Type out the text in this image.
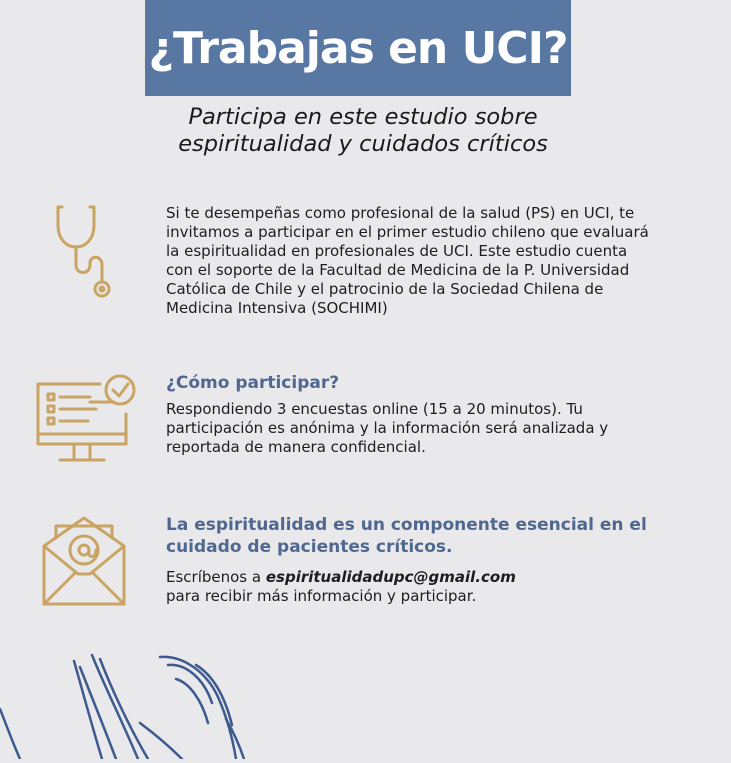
¿Trabajas en UCI?
Participa en este estudio sobre
espiritualidad y cuidados críticos
Si te desempeñas como profesional de la salud (PS) en UCI, te
invitamos a participar en el primer estudio chileno que evaluará
la espiritualidad en profesionales de UCI. Este estudio cuenta
con el soporte de la Facultad de Medicina de la P. Universidad
Católica de Chile y el patrocinio de la Sociedad Chilena de
Medicina Intensiva (SOCHIMI)
¿Cómo participar?
Respondiendo 3 encuestas online (15 a 20 minutos). Tu
participación es anónima y la información será analizada y
reportada de manera confidencial.
La espiritualidad es un componente esencial en el
cuidado de pacientes críticos.
Escríbenos a espiritualidadupc@gmail.com
para recibir más información y participar.
